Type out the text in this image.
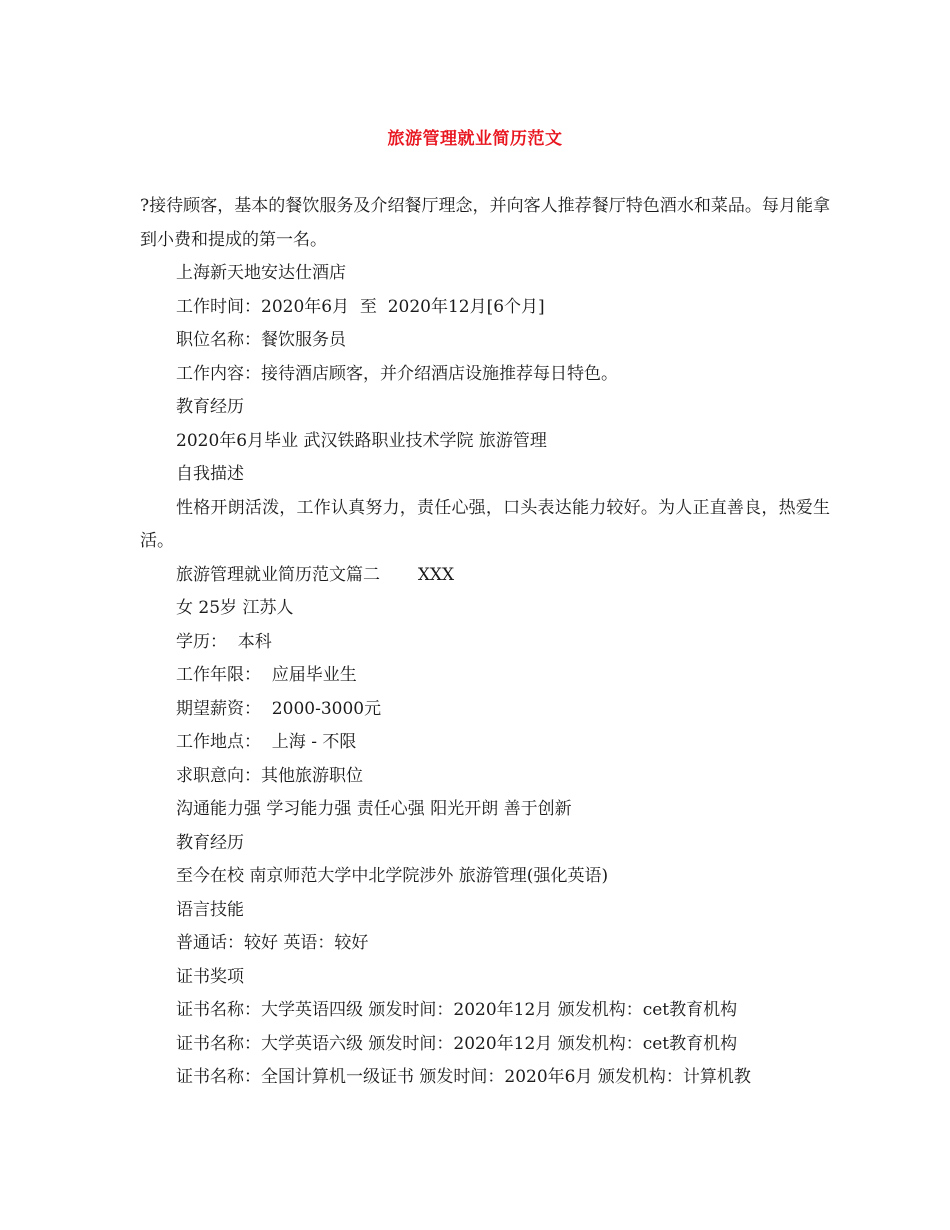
旅游管理就业简历范文

?接待顾客，基本的餐饮服务及介绍餐厅理念，并向客人推荐餐厅特色酒水和菜品。每月能拿到小费和提成的第一名。

上海新天地安达仕酒店

工作时间：2020年6月  至  2020年12月[6个月]

职位名称：餐饮服务员

工作内容：接待酒店顾客，并介绍酒店设施推荐每日特色。

教育经历

2020年6月毕业 武汉铁路职业技术学院 旅游管理

自我描述

性格开朗活泼，工作认真努力，责任心强，口头表达能力较好。为人正直善良，热爱生活。

旅游管理就业简历范文篇二       XXX

女 25岁 江苏人

学历：  本科

工作年限：  应届毕业生

期望薪资：  2000-3000元

工作地点：  上海 - 不限

求职意向：其他旅游职位

沟通能力强 学习能力强 责任心强 阳光开朗 善于创新

教育经历

至今在校 南京师范大学中北学院涉外 旅游管理(强化英语)

语言技能

普通话：较好 英语：较好

证书奖项

证书名称：大学英语四级 颁发时间：2020年12月 颁发机构：cet教育机构

证书名称：大学英语六级 颁发时间：2020年12月 颁发机构：cet教育机构

证书名称：全国计算机一级证书 颁发时间：2020年6月 颁发机构：计算机教
